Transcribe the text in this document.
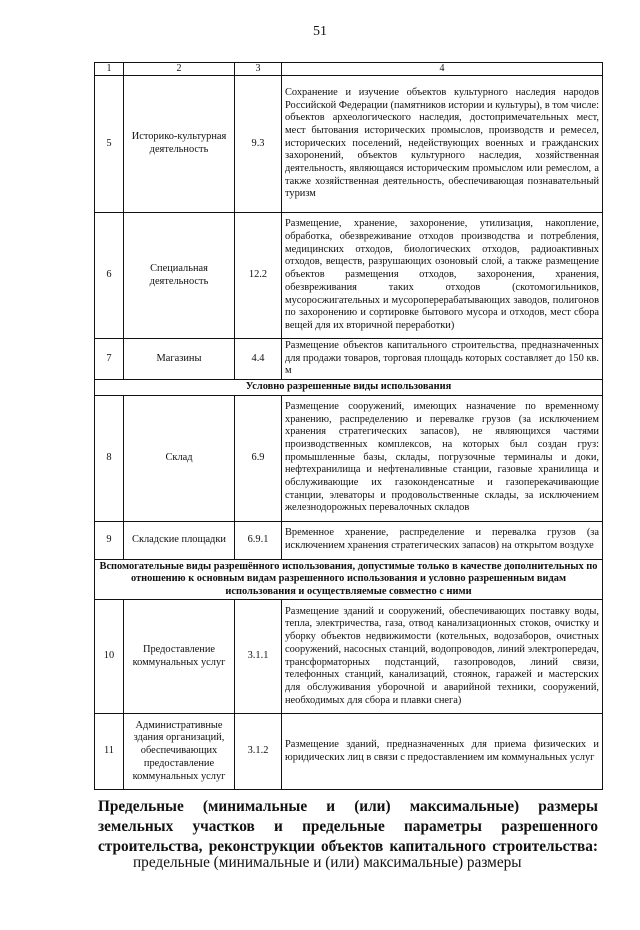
51
1	2	3	4
5	Историко-культурная деятельность	9.3	Сохранение и изучение объектов культурного наследия народов Российской Федерации (памятников истории и культуры), в том числе: объектов археологического наследия, достопримечательных мест, мест бытования исторических промыслов, производств и ремесел, исторических поселений, недействующих военных и гражданских захоронений, объектов культурного наследия, хозяйственная деятельность, являющаяся историческим промыслом или ремеслом, а также хозяйственная деятельность, обеспечивающая познавательный туризм
6	Специальная деятельность	12.2	Размещение, хранение, захоронение, утилизация, накопление, обработка, обезвреживание отходов производства и потребления, медицинских отходов, биологических отходов, радиоактивных отходов, веществ, разрушающих озоновый слой, а также размещение объектов размещения отходов, захоронения, хранения, обезвреживания таких отходов (скотомогильников, мусоросжигательных и мусороперерабатывающих заводов, полигонов по захоронению и сортировке бытового мусора и отходов, мест сбора вещей для их вторичной переработки)
7	Магазины	4.4	Размещение объектов капитального строительства, предназначенных для продажи товаров, торговая площадь которых составляет до 150 кв. м
Условно разрешенные виды использования			
8	Склад	6.9	Размещение сооружений, имеющих назначение по временному хранению, распределению и перевалке грузов (за исключением хранения стратегических запасов), не являющихся частями производственных комплексов, на которых был создан груз: промышленные базы, склады, погрузочные терминалы и доки, нефтехранилища и нефтеналивные станции, газовые хранилища и обслуживающие их газоконденсатные и газоперекачивающие станции, элеваторы и продовольственные склады, за исключением железнодорожных перевалочных складов
9	Складские площадки	6.9.1	Временное хранение, распределение и перевалка грузов (за исключением хранения стратегических запасов) на открытом воздухе
Вспомогательные виды разрешённого использования, допустимые только в качестве дополнительных по отношению к основным видам разрешенного использования и условно разрешенным видам использования и осуществляемые совместно с ними			
10	Предоставление коммунальных услуг	3.1.1	Размещение зданий и сооружений, обеспечивающих поставку воды, тепла, электричества, газа, отвод канализационных стоков, очистку и уборку объектов недвижимости (котельных, водозаборов, очистных сооружений, насосных станций, водопроводов, линий электропередач, трансформаторных подстанций, газопроводов, линий связи, телефонных станций, канализаций, стоянок, гаражей и мастерских для обслуживания уборочной и аварийной техники, сооружений, необходимых для сбора и плавки снега)
11	Административные здания организаций, обеспечивающих предоставление коммунальных услуг	3.1.2	Размещение зданий, предназначенных для приема физических и юридических лиц в связи с предоставлением им коммунальных услуг
Предельные (минимальные и (или) максимальные) размеры земельных участков и предельные параметры разрешенного строительства, реконструкции объектов капитального строительства:
предельные (минимальные и (или) максимальные) размеры
